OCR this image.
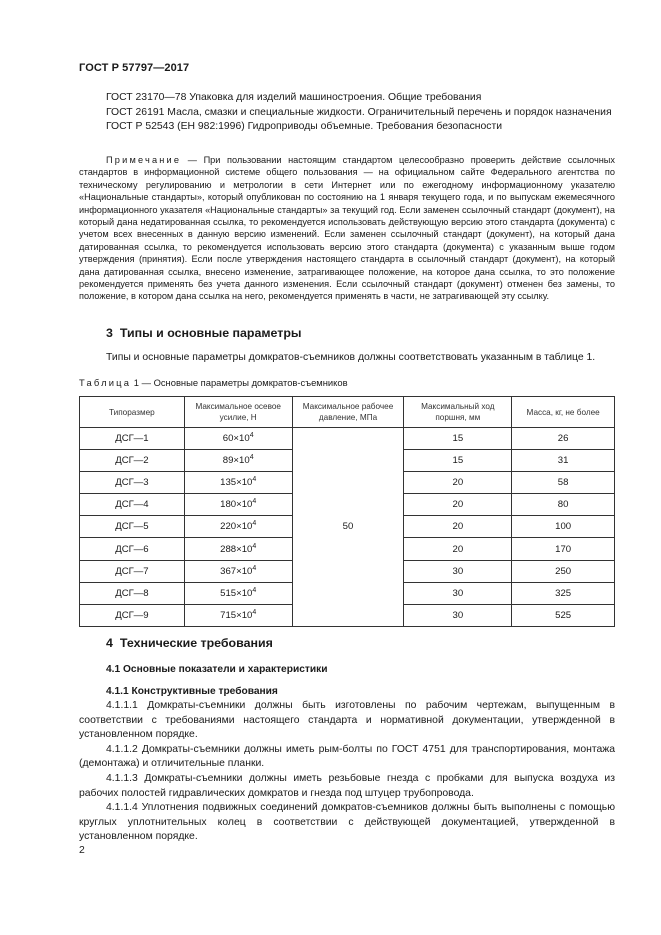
ГОСТ Р 57797—2017

ГОСТ 23170—78 Упаковка для изделий машиностроения. Общие требования

ГОСТ 26191 Масла, смазки и специальные жидкости. Ограничительный перечень и порядок назначения

ГОСТ Р 52543 (ЕН 982:1996) Гидроприводы объемные. Требования безопасности

Примечание — При пользовании настоящим стандартом целесообразно проверить действие ссылочных стандартов в информационной системе общего пользования — на официальном сайте Федерального агентства по техническому регулированию и метрологии в сети Интернет или по ежегодному информационному указателю «Национальные стандарты», который опубликован по состоянию на 1 января текущего года, и по выпускам ежемесячного информационного указателя «Национальные стандарты» за текущий год. Если заменен ссылочный стандарт (документ), на который дана недатированная ссылка, то рекомендуется использовать действующую версию этого стандарта (документа) с учетом всех внесенных в данную версию изменений. Если заменен ссылочный стандарт (документ), на который дана датированная ссылка, то рекомендуется использовать версию этого стандарта (документа) с указанным выше годом утверждения (принятия). Если после утверждения настоящего стандарта в ссылочный стандарт (документ), на который дана датированная ссылка, внесено изменение, затрагивающее положение, на которое дана ссылка, то это положение рекомендуется применять без учета данного изменения. Если ссылочный стандарт (документ) отменен без замены, то положение, в котором дана ссылка на него, рекомендуется применять в части, не затрагивающей эту ссылку.
3 Типы и основные параметры
Типы и основные параметры домкратов-съемников должны соответствовать указанным в таблице 1.
Таблица 1 — Основные параметры домкратов-съемников
Типоразмер	Максимальное осевое усилие, Н	Максимальное рабочее давление, МПа	Максимальный ход поршня, мм	Масса, кг, не более
ДСГ—1	$60\times 10^4$	50	15	26
ДСГ—2	$89\times 10^4$		15	31
ДСГ—3	$135\times 10^4$		20	58
ДСГ—4	$180\times 10^4$		20	80
ДСГ—5	$220\times 10^4$		20	100
ДСГ—6	$288\times 10^4$		20	170
ДСГ—7	$367\times 10^4$		30	250
ДСГ—8	$515\times 10^4$		30	325
ДСГ—9	$715\times 10^4$		30	525
4 Технические требования
4.1 Основные показатели и характеристики
4.1.1 Конструктивные требования

4.1.1.1 Домкраты-съемники должны быть изготовлены по рабочим чертежам, выпущенным в соответствии с требованиями настоящего стандарта и нормативной документации, утвержденной в установленном порядке.

4.1.1.2 Домкраты-съемники должны иметь рым-болты по ГОСТ 4751 для транспортирования, монтажа (демонтажа) и отличительные планки.

4.1.1.3 Домкраты-съемники должны иметь резьбовые гнезда с пробками для выпуска воздуха из рабочих полостей гидравлических домкратов и гнезда под штуцер трубопровода.

4.1.1.4 Уплотнения подвижных соединений домкратов-съемников должны быть выполнены с помощью круглых уплотнительных колец в соответствии с действующей документацией, утвержденной в установленном порядке.

2
